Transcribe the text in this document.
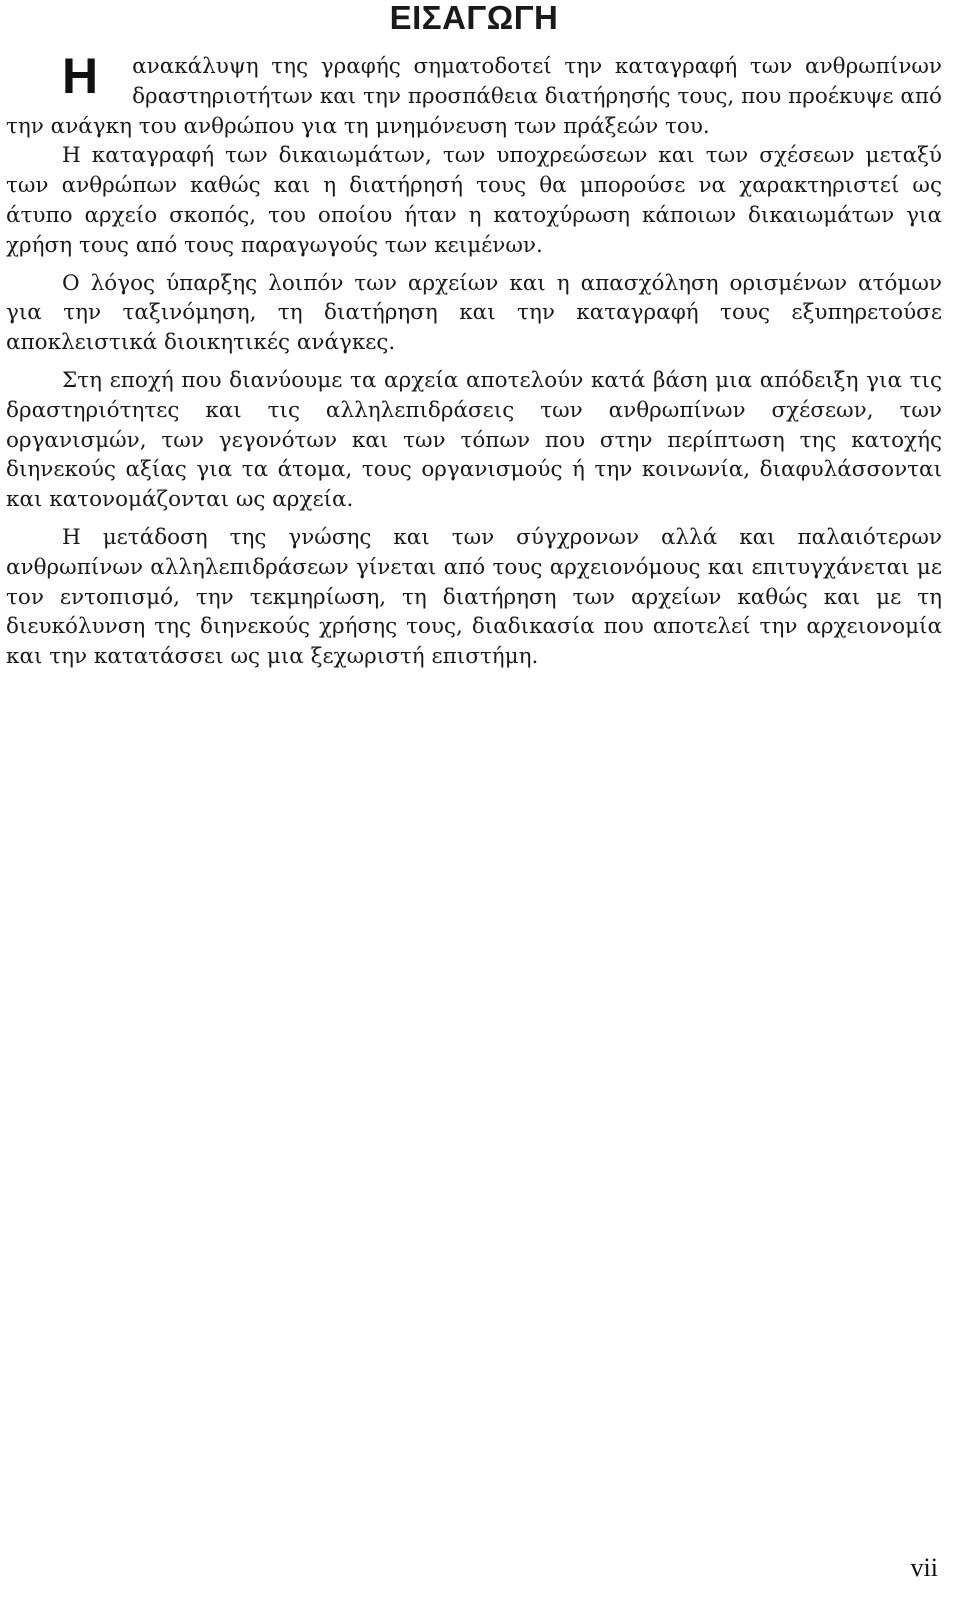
ΕΙΣΑΓΩΓΗ

Η ανακάλυψη της γραφής σηματοδοτεί την καταγραφή των ανθρωπίνων δραστηριοτήτων και την προσπάθεια διατήρησής τους, που προέκυψε από την ανάγκη του ανθρώπου για τη μνημόνευση των πράξεών του.

Η καταγραφή των δικαιωμάτων, των υποχρεώσεων και των σχέσεων μεταξύ των ανθρώπων καθώς και η διατήρησή τους θα μπορούσε να χαρακτηριστεί ως άτυπο αρχείο σκοπός, του οποίου ήταν η κατοχύρωση κάποιων δικαιωμάτων για χρήση τους από τους παραγωγούς των κειμένων.

Ο λόγος ύπαρξης λοιπόν των αρχείων και η απασχόληση ορισμένων ατόμων για την ταξινόμηση, τη διατήρηση και την καταγραφή τους εξυπηρετούσε αποκλειστικά διοικητικές ανάγκες.

Στη εποχή που διανύουμε τα αρχεία αποτελούν κατά βάση μια απόδειξη για τις δραστηριότητες και τις αλληλεπιδράσεις των ανθρωπίνων σχέσεων, των οργανισμών, των γεγονότων και των τόπων που στην περίπτωση της κατοχής διηνεκούς αξίας για τα άτομα, τους οργανισμούς ή την κοινωνία, διαφυλάσσονται και κατονομάζονται ως αρχεία.

Η μετάδοση της γνώσης και των σύγχρονων αλλά και παλαιότερων ανθρωπίνων αλληλεπιδράσεων γίνεται από τους αρχειονόμους και επιτυγχάνεται με τον εντοπισμό, την τεκμηρίωση, τη διατήρηση των αρχείων καθώς και με τη διευκόλυνση της διηνεκούς χρήσης τους, διαδικασία που αποτελεί την αρχειονομία και την κατατάσσει ως μια ξεχωριστή επιστήμη.

vii
